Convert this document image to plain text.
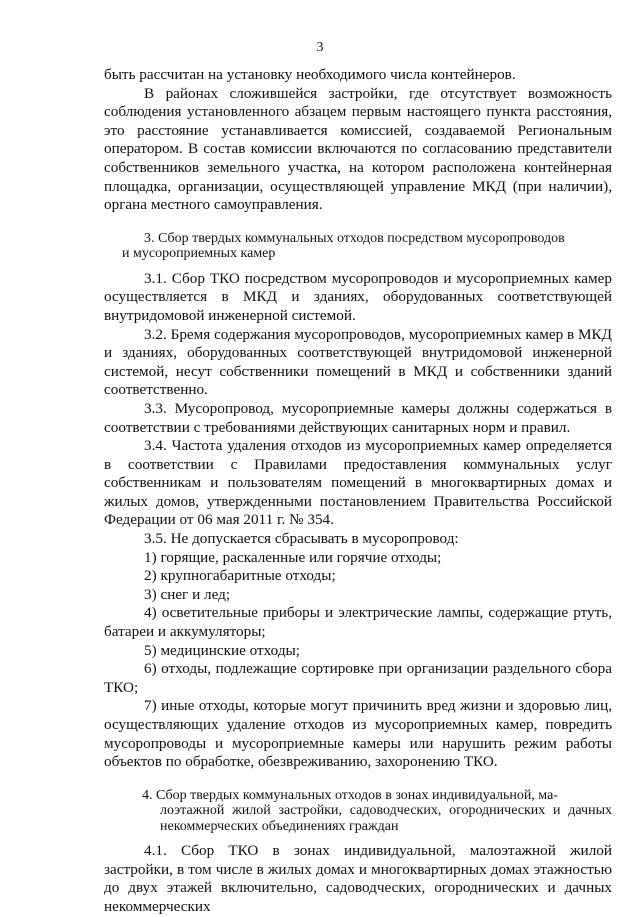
3

быть рассчитан на установку необходимого числа контейнеров.

В районах сложившейся застройки, где отсутствует возможность соблюдения установленного абзацем первым настоящего пункта расстояния, это расстояние устанавливается комиссией, создаваемой Региональным оператором. В состав комиссии включаются по согласованию представители собственников земельного участка, на котором расположена контейнерная площадка, организации, осуществляющей управление МКД (при наличии), органа местного самоуправления.

3. Сбор твердых коммунальных отходов посредством мусоропроводов
и мусороприемных камер

3.1. Сбор ТКО посредством мусоропроводов и мусороприемных камер осуществляется в МКД и зданиях, оборудованных соответствующей внутридомовой инженерной системой.

3.2. Бремя содержания мусоропроводов, мусороприемных камер в МКД и зданиях, оборудованных соответствующей внутридомовой инженерной системой, несут собственники помещений в МКД и собственники зданий соответственно.

3.3. Мусоропровод, мусороприемные камеры должны содержаться в соответствии с требованиями действующих санитарных норм и правил.

3.4. Частота удаления отходов из мусороприемных камер определяется в соответствии с Правилами предоставления коммунальных услуг собственникам и пользователям помещений в многоквартирных домах и жилых домов, утвержденными постановлением Правительства Российской Федерации от 06 мая 2011 г. № 354.

3.5. Не допускается сбрасывать в мусоропровод:

1) горящие, раскаленные или горячие отходы;

2) крупногабаритные отходы;

3) снег и лед;

4) осветительные приборы и электрические лампы, содержащие ртуть, батареи и аккумуляторы;

5) медицинские отходы;

6) отходы, подлежащие сортировке при организации раздельного сбора ТКО;

7) иные отходы, которые могут причинить вред жизни и здоровью лиц, осуществляющих удаление отходов из мусороприемных камер, повредить мусоропроводы и мусороприемные камеры или нарушить режим работы объектов по обработке, обезвреживанию, захоронению ТКО.

4. Сбор твердых коммунальных отходов в зонах индивидуальной, ма-
лоэтажной жилой застройки, садоводческих, огороднических и дачных некоммерческих объединениях граждан

4.1. Сбор ТКО в зонах индивидуальной, малоэтажной жилой застройки, в том числе в жилых домах и многоквартирных домах этажностью до двух этажей включительно, садоводческих, огороднических и дачных некоммерческих
